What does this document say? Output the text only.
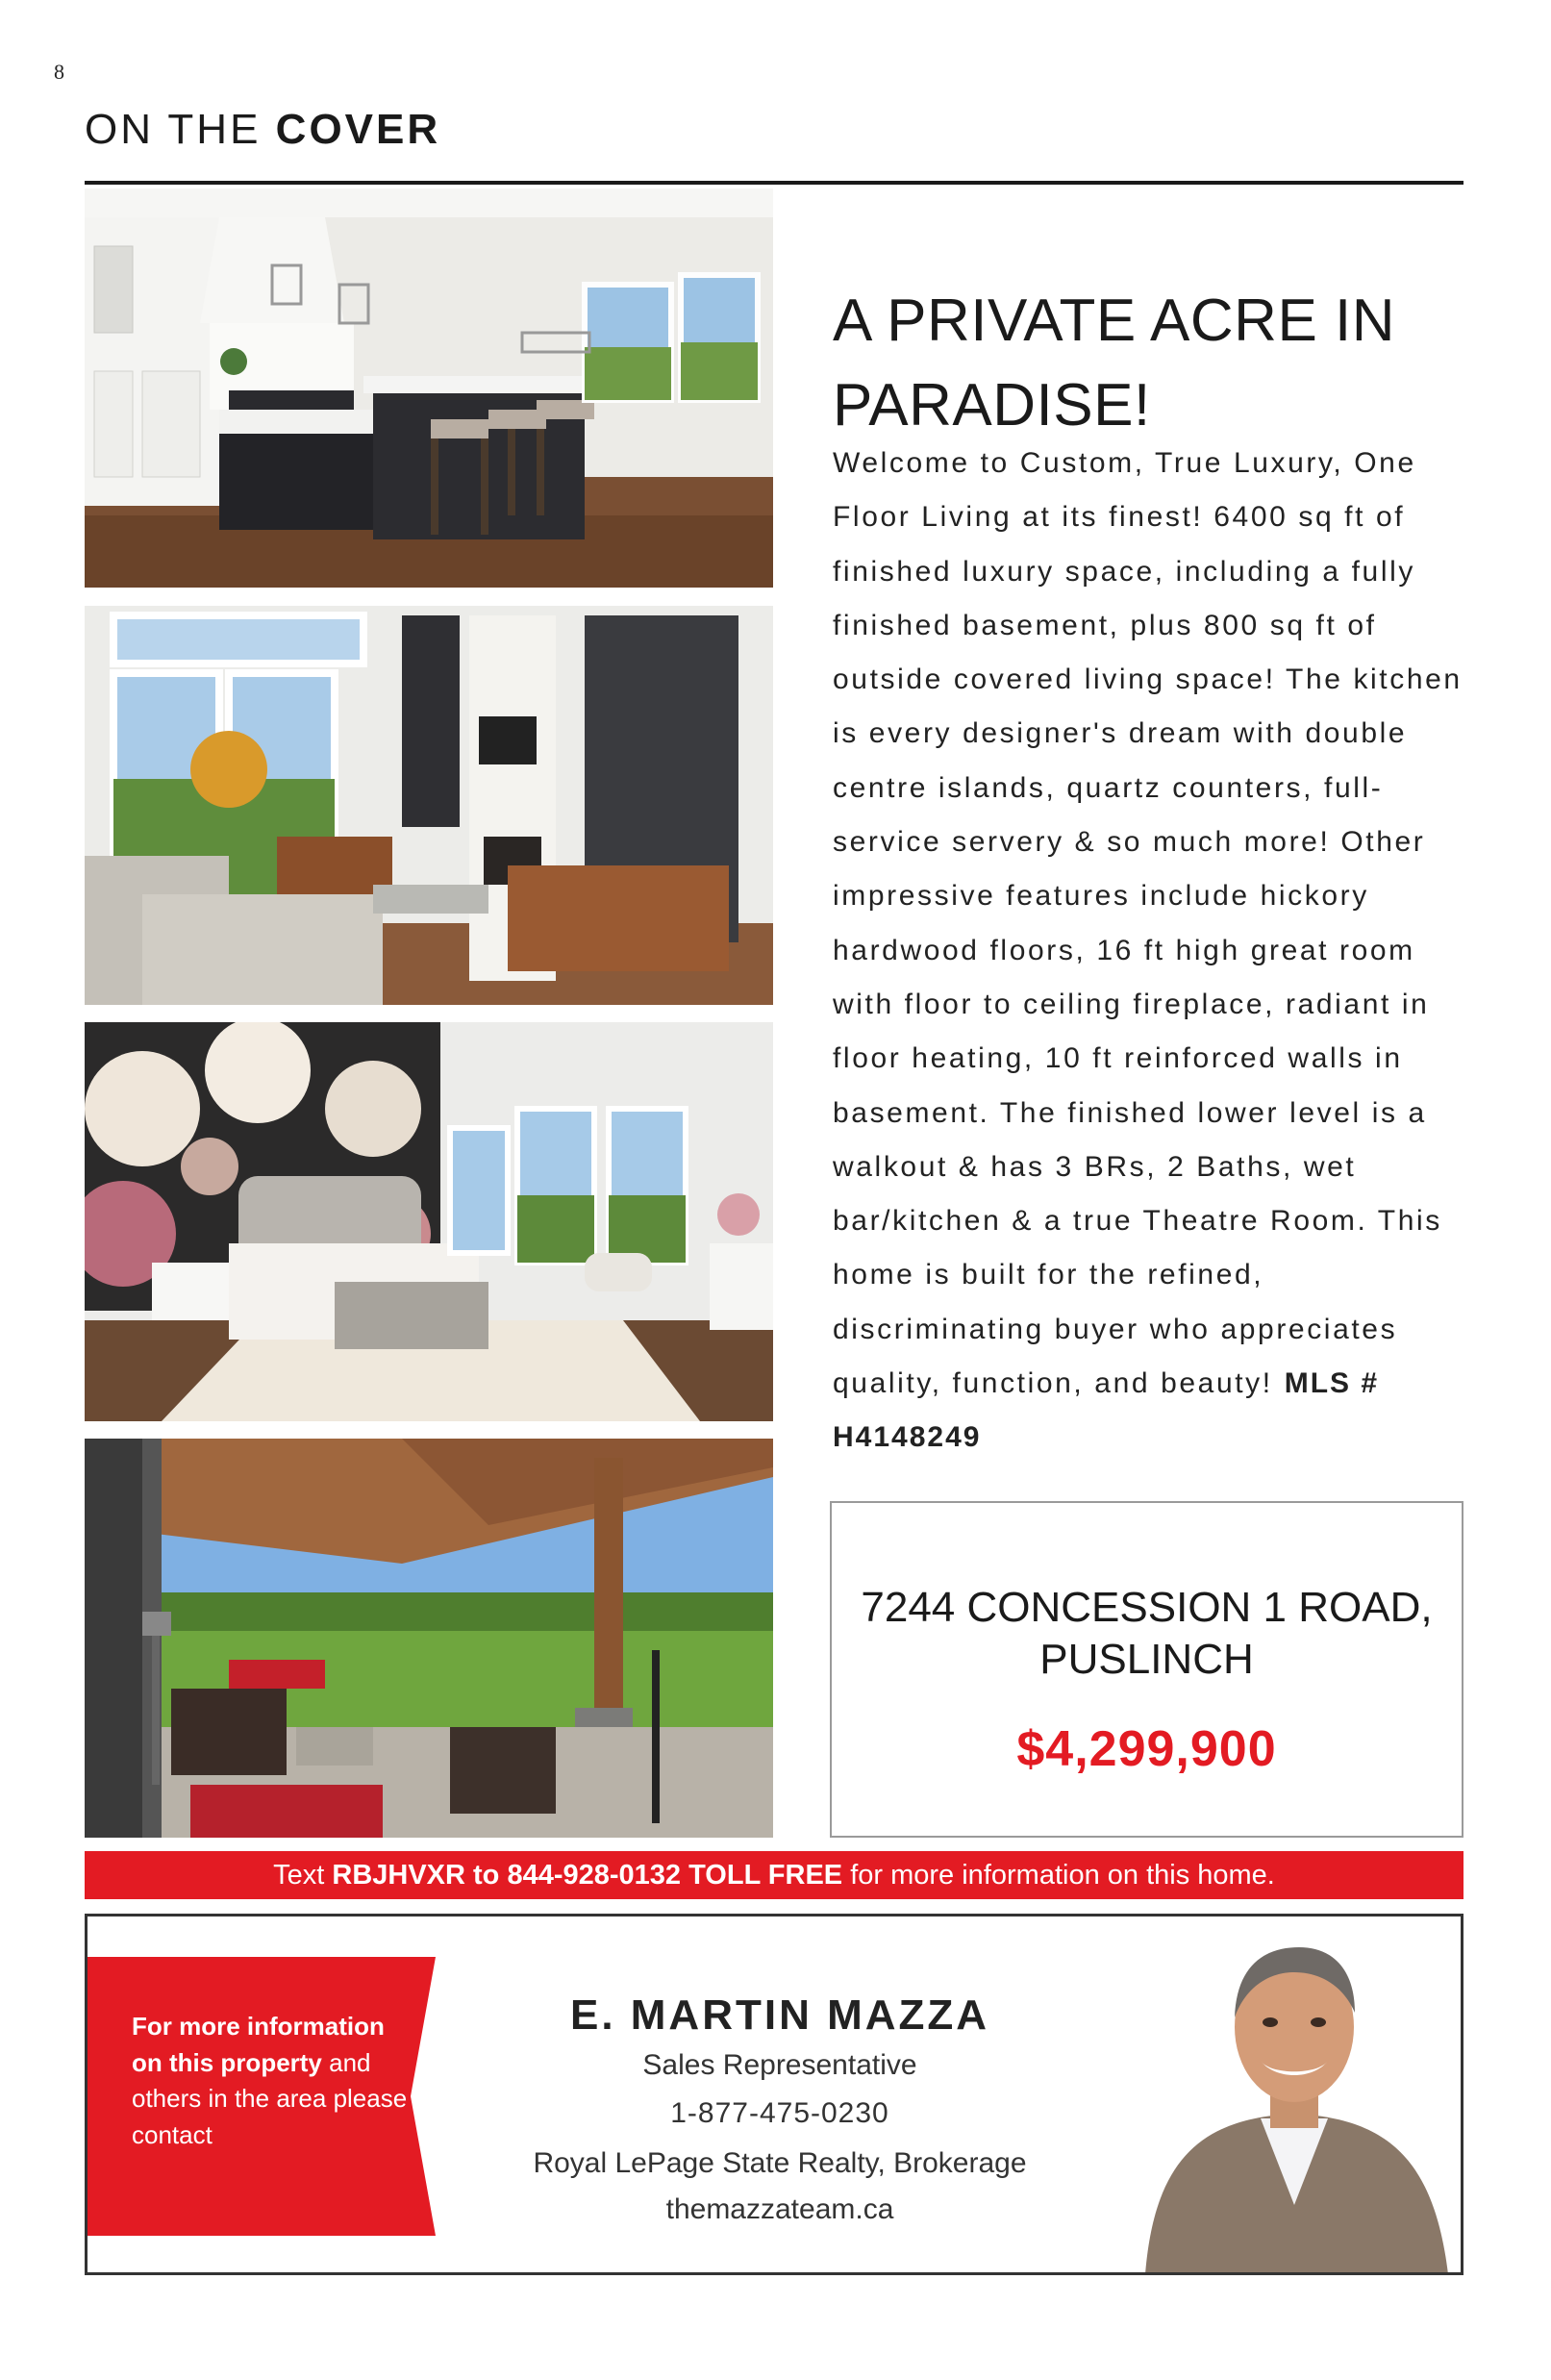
8
ON THE COVER
A PRIVATE ACRE IN
PARADISE!
Welcome to Custom, True Luxury, One Floor Living at its finest! 6400 sq ft of finished luxury space, including a fully finished basement, plus 800 sq ft of outside covered living space! The kitchen is every designer's dream with double centre islands, quartz counters, full-service servery & so much more! Other impressive features include hickory hardwood floors, 16 ft high great room with floor to ceiling fireplace, radiant in floor heating, 10 ft reinforced walls in basement. The finished lower level is a walkout & has 3 BRs, 2 Baths, wet bar/kitchen & a true Theatre Room. This home is built for the refined, discriminating buyer who appreciates quality, function, and beauty! MLS # H4148249
7244 CONCESSION 1 ROAD,
PUSLINCH
$4,299,900
Text RBJHVXR to 844-928-0132 TOLL FREE for more information on this home.
For more information on this property and others in the area please contact
E. MARTIN MAZZA
Sales Representative
1-877-475-0230
Royal LePage State Realty, Brokerage
themazzateam.ca
